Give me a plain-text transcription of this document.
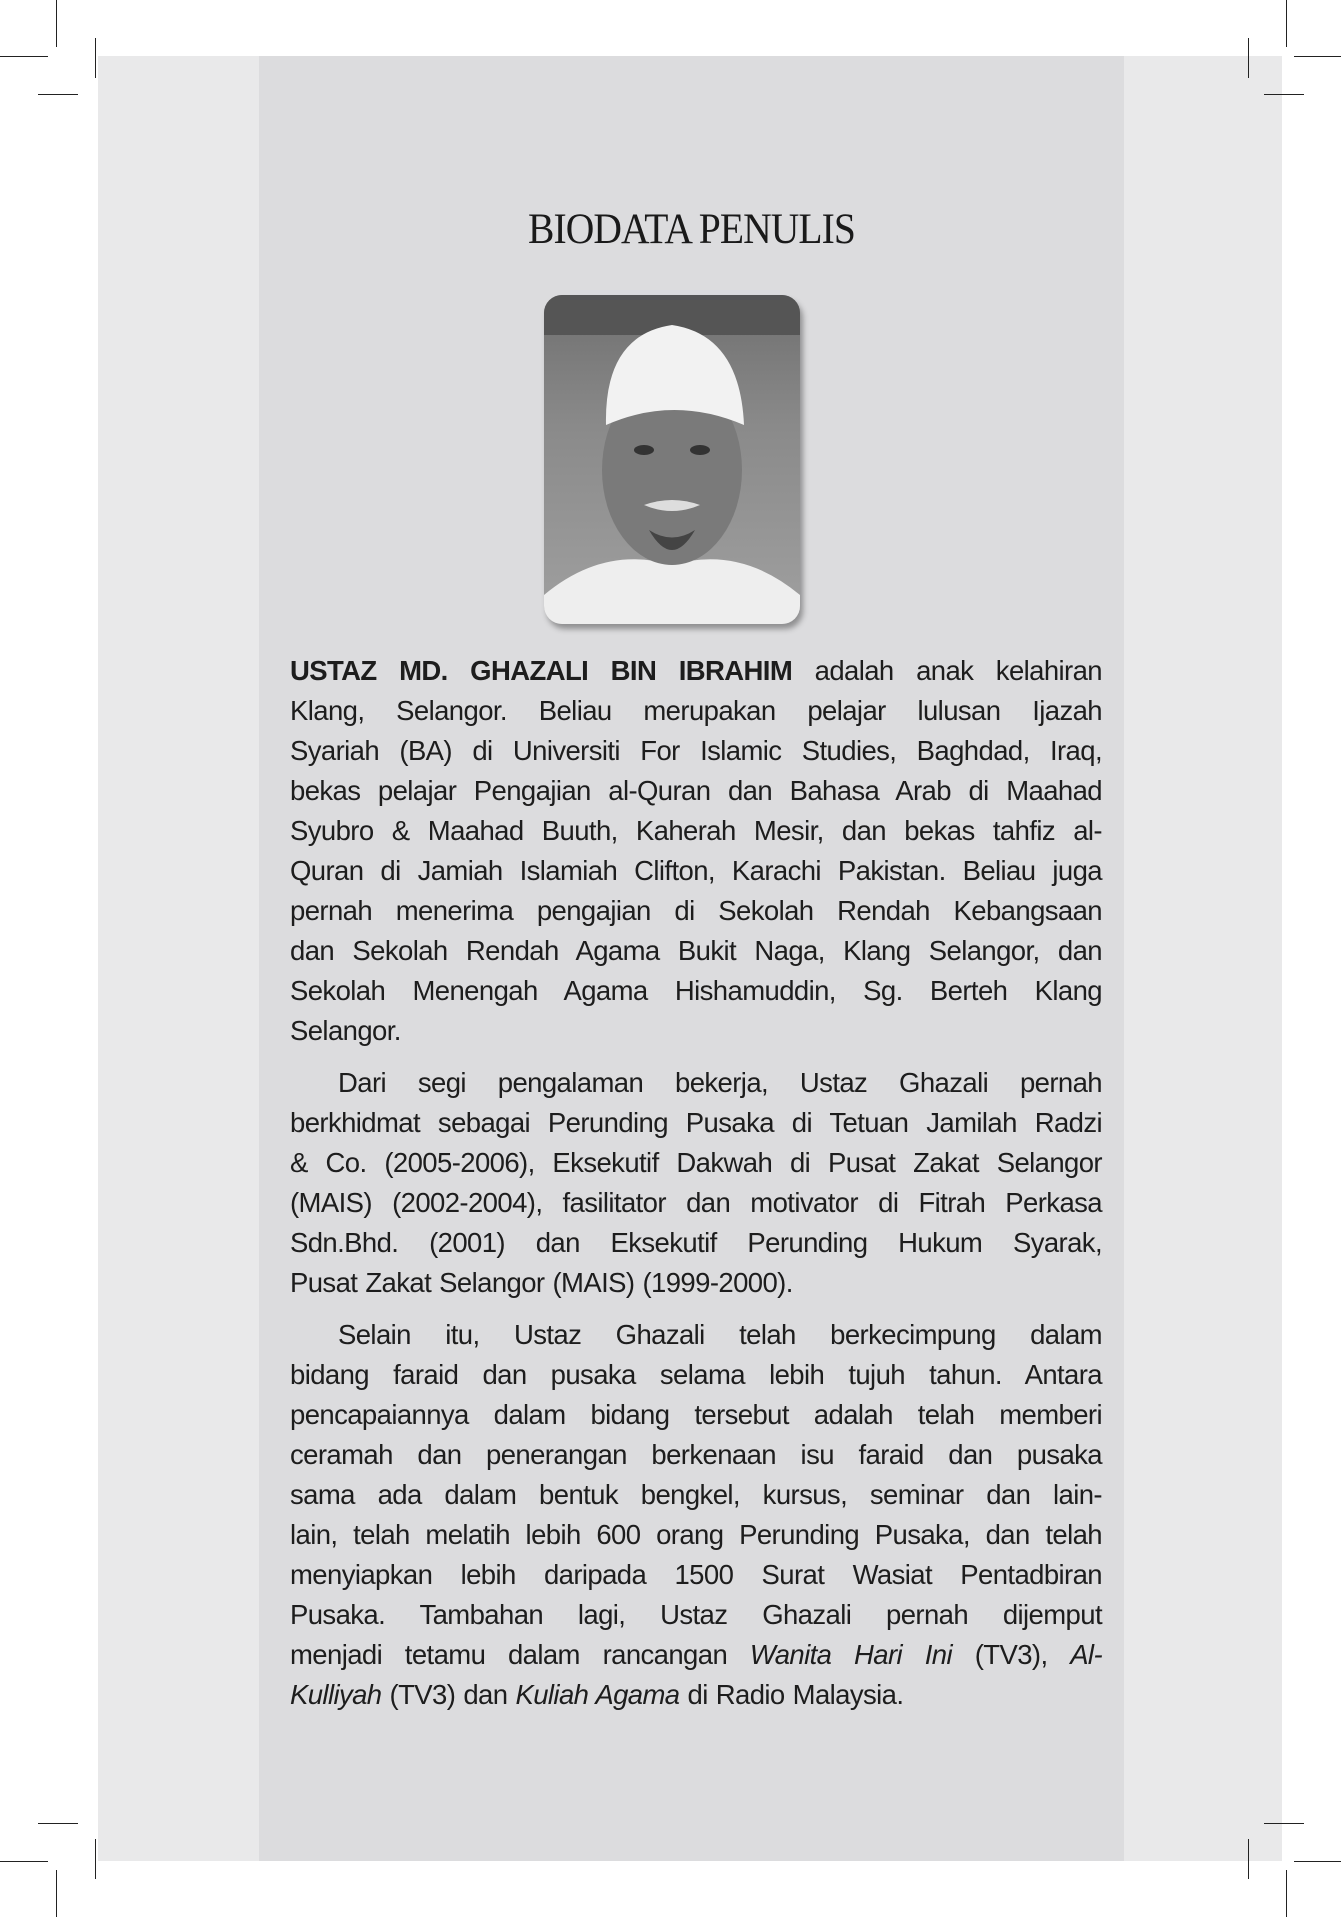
BIODATA PENULIS
USTAZ MD. GHAZALI BIN IBRAHIM adalah anak kelahiran
Klang, Selangor. Beliau merupakan pelajar lulusan Ijazah
Syariah (BA) di Universiti For Islamic Studies, Baghdad, Iraq,
bekas pelajar Pengajian al-Quran dan Bahasa Arab di Maahad
Syubro & Maahad Buuth, Kaherah Mesir, dan bekas tahfiz al-
Quran di Jamiah Islamiah Clifton, Karachi Pakistan. Beliau juga
pernah menerima pengajian di Sekolah Rendah Kebangsaan
dan Sekolah Rendah Agama Bukit Naga, Klang Selangor, dan
Sekolah Menengah Agama Hishamuddin, Sg. Berteh Klang
Selangor.
Dari segi pengalaman bekerja, Ustaz Ghazali pernah
berkhidmat sebagai Perunding Pusaka di Tetuan Jamilah Radzi
& Co. (2005-2006), Eksekutif Dakwah di Pusat Zakat Selangor
(MAIS) (2002-2004), fasilitator dan motivator di Fitrah Perkasa
Sdn.Bhd. (2001) dan Eksekutif Perunding Hukum Syarak,
Pusat Zakat Selangor (MAIS) (1999-2000).
Selain itu, Ustaz Ghazali telah berkecimpung dalam
bidang faraid dan pusaka selama lebih tujuh tahun. Antara
pencapaiannya dalam bidang tersebut adalah telah memberi
ceramah dan penerangan berkenaan isu faraid dan pusaka
sama ada dalam bentuk bengkel, kursus, seminar dan lain-
lain, telah melatih lebih 600 orang Perunding Pusaka, dan telah
menyiapkan lebih daripada 1500 Surat Wasiat Pentadbiran
Pusaka. Tambahan lagi, Ustaz Ghazali pernah dijemput
menjadi tetamu dalam rancangan Wanita Hari Ini (TV3), Al-
Kulliyah (TV3) dan Kuliah Agama di Radio Malaysia.
